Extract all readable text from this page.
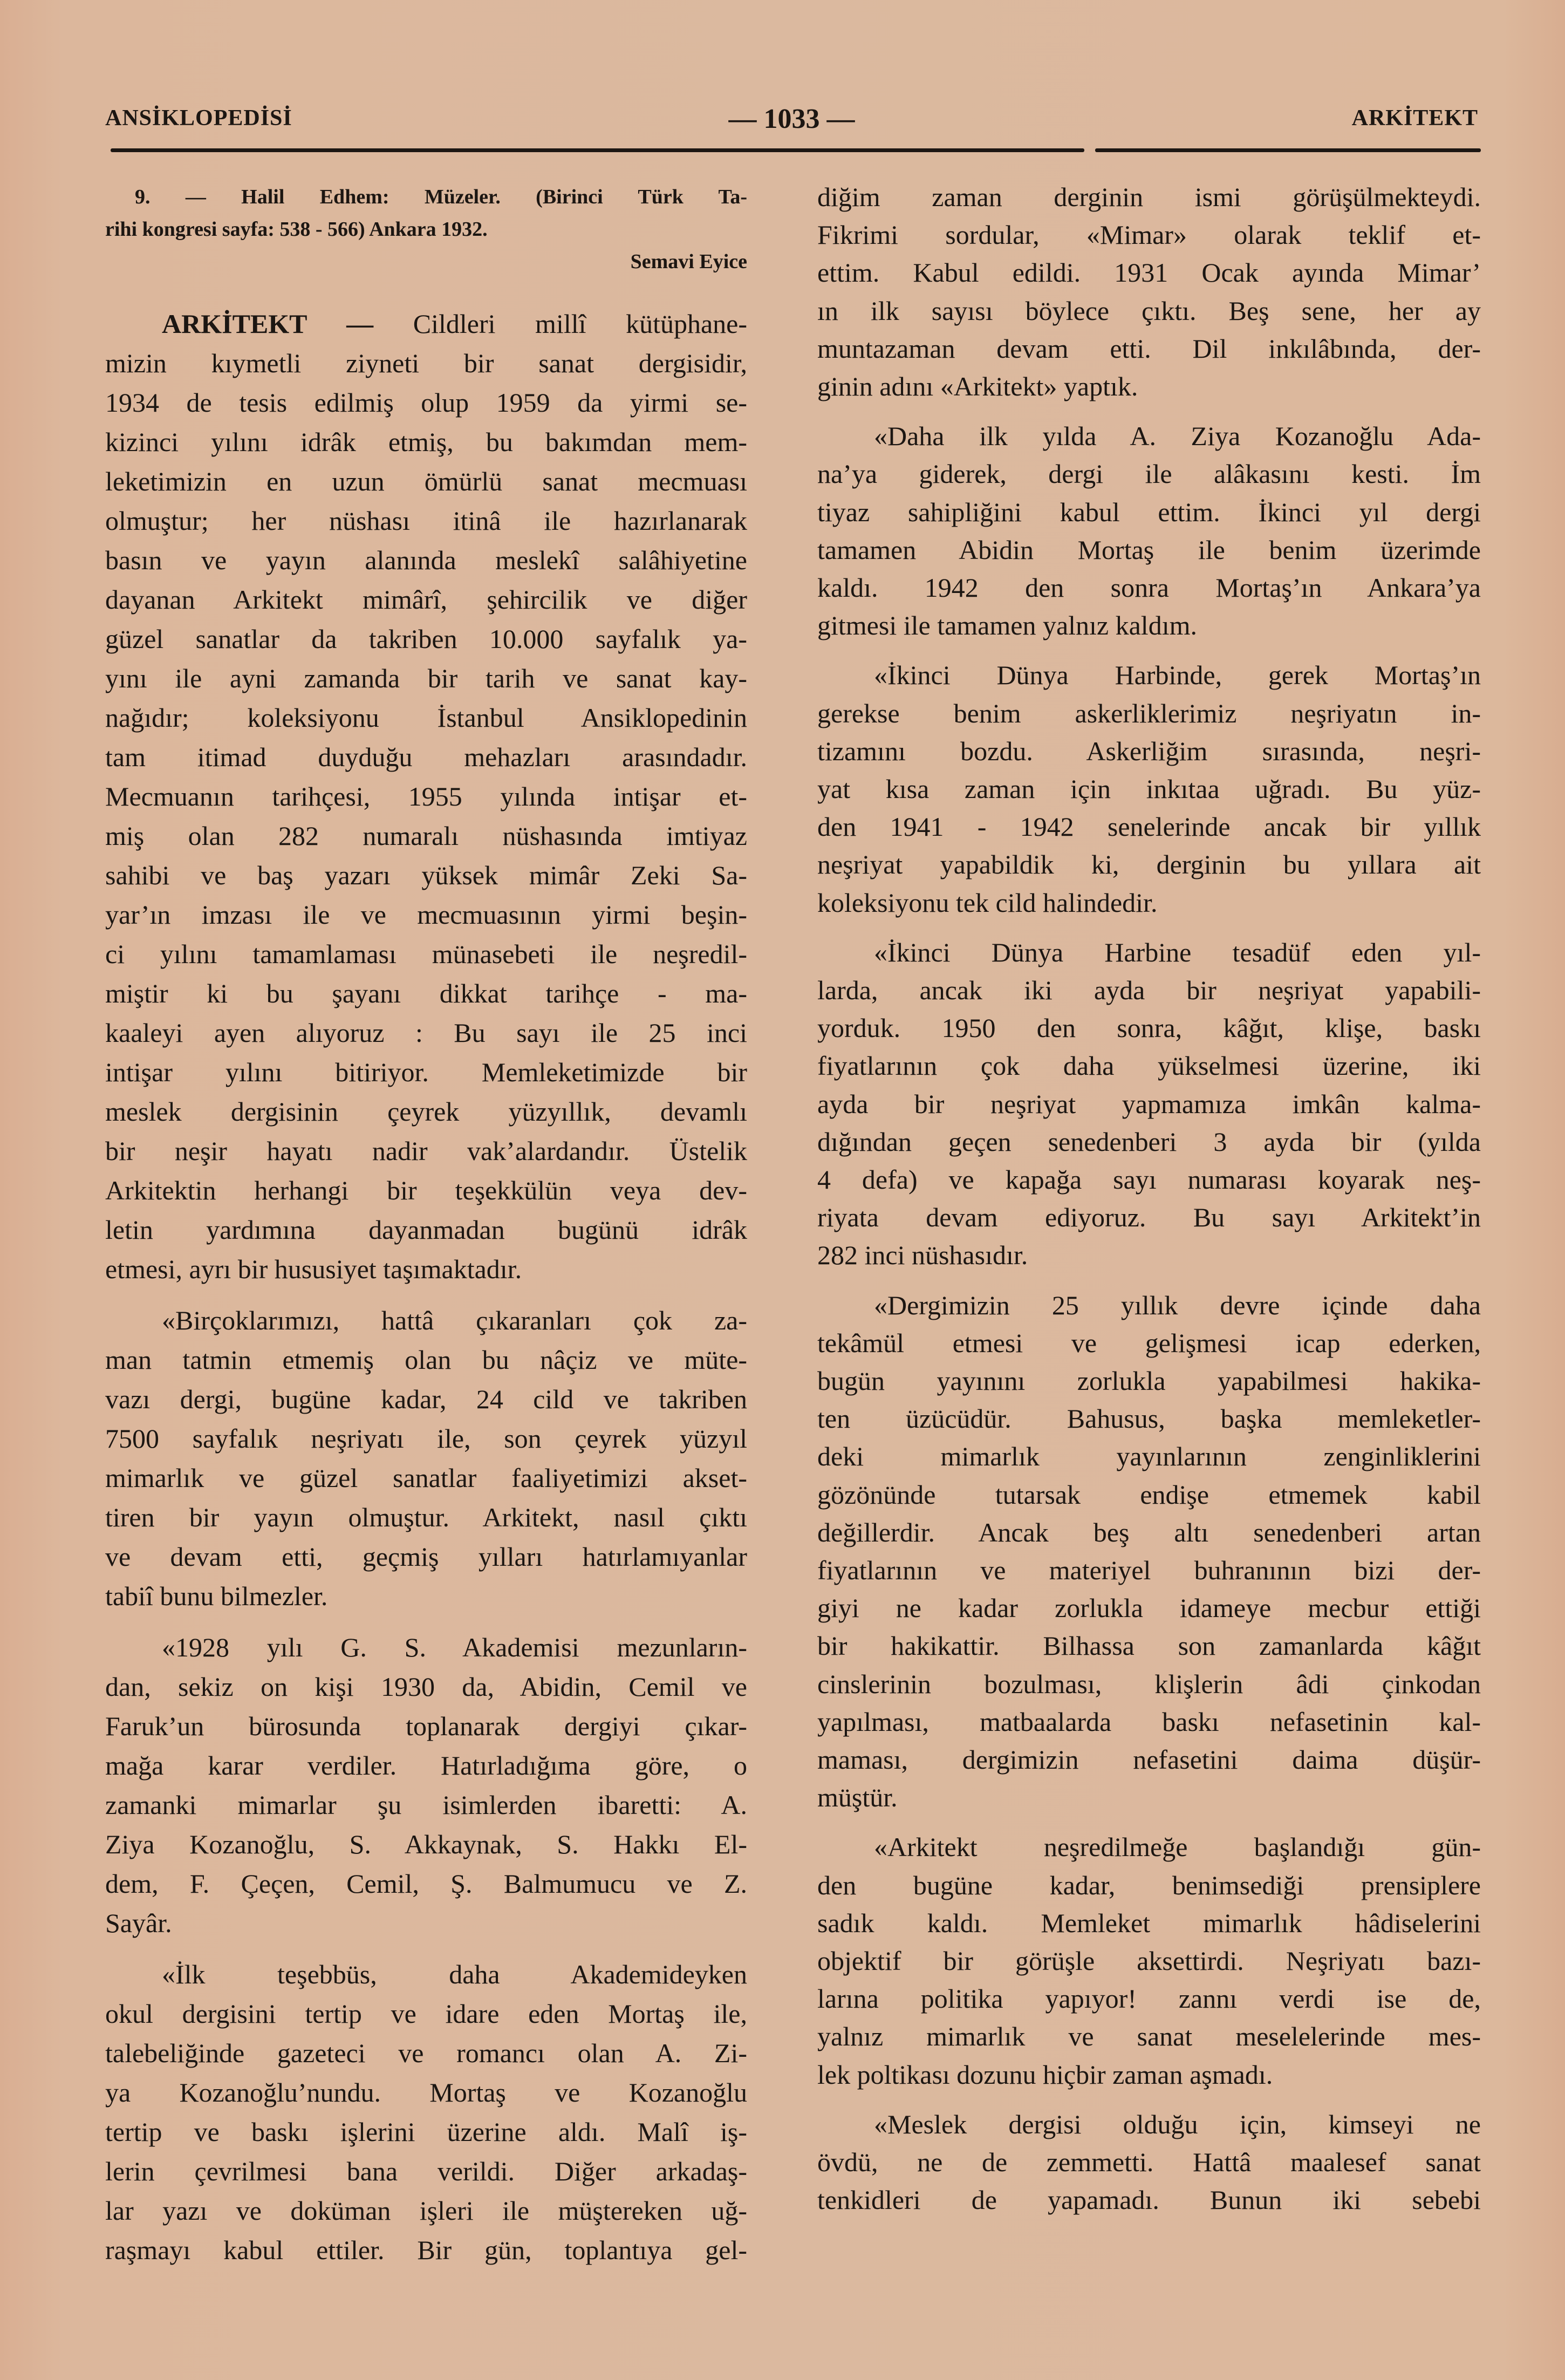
ANSİKLOPEDİSİ	— 1033 —	ARKİTEKT
9. — Halil Edhem: Müzeler. (Birinci Türk Ta-
rihi kongresi sayfa: 538 - 566) Ankara 1932.
Semavi Eyice
ARKİTEKT — Cildleri millî kütüphane-
mizin kıymetli ziyneti bir sanat dergisidir,
1934 de tesis edilmiş olup 1959 da yirmi se-
kizinci yılını idrâk etmiş, bu bakımdan mem-
leketimizin en uzun ömürlü sanat mecmuası
olmuştur; her nüshası itinâ ile hazırlanarak
basın ve yayın alanında meslekî salâhiyetine
dayanan Arkitekt mimârî, şehircilik ve diğer
güzel sanatlar da takriben 10.000 sayfalık ya-
yını ile ayni zamanda bir tarih ve sanat kay-
nağıdır; koleksiyonu İstanbul Ansiklopedinin
tam itimad duyduğu mehazları arasındadır.
Mecmuanın tarihçesi, 1955 yılında intişar et-
miş olan 282 numaralı nüshasında imtiyaz
sahibi ve baş yazarı yüksek mimâr Zeki Sa-
yar’ın imzası ile ve mecmuasının yirmi beşin-
ci yılını tamamlaması münasebeti ile neşredil-
miştir ki bu şayanı dikkat tarihçe - ma-
kaaleyi ayen alıyoruz : Bu sayı ile 25 inci
intişar yılını bitiriyor. Memleketimizde bir
meslek dergisinin çeyrek yüzyıllık, devamlı
bir neşir hayatı nadir vak’alardandır. Üstelik
Arkitektin herhangi bir teşekkülün veya dev-
letin yardımına dayanmadan bugünü idrâk
etmesi, ayrı bir hususiyet taşımaktadır.
«Birçoklarımızı, hattâ çıkaranları çok za-
man tatmin etmemiş olan bu nâçiz ve müte-
vazı dergi, bugüne kadar, 24 cild ve takriben
7500 sayfalık neşriyatı ile, son çeyrek yüzyıl
mimarlık ve güzel sanatlar faaliyetimizi akset-
tiren bir yayın olmuştur. Arkitekt, nasıl çıktı
ve devam etti, geçmiş yılları hatırlamıyanlar
tabiî bunu bilmezler.
«1928 yılı G. S. Akademisi mezunların-
dan, sekiz on kişi 1930 da, Abidin, Cemil ve
Faruk’un bürosunda toplanarak dergiyi çıkar-
mağa karar verdiler. Hatırladığıma göre, o
zamanki mimarlar şu isimlerden ibaretti: A.
Ziya Kozanoğlu, S. Akkaynak, S. Hakkı El-
dem, F. Çeçen, Cemil, Ş. Balmumucu ve Z.
Sayâr.
«İlk teşebbüs, daha Akademideyken
okul dergisini tertip ve idare eden Mortaş ile,
talebeliğinde gazeteci ve romancı olan A. Zi-
ya Kozanoğlu’nundu. Mortaş ve Kozanoğlu
tertip ve baskı işlerini üzerine aldı. Malî iş-
lerin çevrilmesi bana verildi. Diğer arkadaş-
lar yazı ve doküman işleri ile müştereken uğ-
raşmayı kabul ettiler. Bir gün, toplantıya gel-
diğim zaman derginin ismi görüşülmekteydi.
Fikrimi sordular, «Mimar» olarak teklif et-
ettim. Kabul edildi. 1931 Ocak ayında Mimar’
ın ilk sayısı böylece çıktı. Beş sene, her ay
muntazaman devam etti. Dil inkılâbında, der-
ginin adını «Arkitekt» yaptık.
«Daha ilk yılda A. Ziya Kozanoğlu Ada-
na’ya giderek, dergi ile alâkasını kesti. İm
tiyaz sahipliğini kabul ettim. İkinci yıl dergi
tamamen Abidin Mortaş ile benim üzerimde
kaldı. 1942 den sonra Mortaş’ın Ankara’ya
gitmesi ile tamamen yalnız kaldım.
«İkinci Dünya Harbinde, gerek Mortaş’ın
gerekse benim askerliklerimiz neşriyatın in-
tizamını bozdu. Askerliğim sırasında, neşri-
yat kısa zaman için inkıtaa uğradı. Bu yüz-
den 1941 - 1942 senelerinde ancak bir yıllık
neşriyat yapabildik ki, derginin bu yıllara ait
koleksiyonu tek cild halindedir.
«İkinci Dünya Harbine tesadüf eden yıl-
larda, ancak iki ayda bir neşriyat yapabili-
yorduk. 1950 den sonra, kâğıt, klişe, baskı
fiyatlarının çok daha yükselmesi üzerine, iki
ayda bir neşriyat yapmamıza imkân kalma-
dığından geçen senedenberi 3 ayda bir (yılda
4 defa) ve kapağa sayı numarası koyarak neş-
riyata devam ediyoruz. Bu sayı Arkitekt’in
282 inci nüshasıdır.
«Dergimizin 25 yıllık devre içinde daha
tekâmül etmesi ve gelişmesi icap ederken,
bugün yayınını zorlukla yapabilmesi hakika-
ten üzücüdür. Bahusus, başka memleketler-
deki mimarlık yayınlarının zenginliklerini
gözönünde tutarsak endişe etmemek kabil
değillerdir. Ancak beş altı senedenberi artan
fiyatlarının ve materiyel buhranının bizi der-
giyi ne kadar zorlukla idameye mecbur ettiği
bir hakikattir. Bilhassa son zamanlarda kâğıt
cinslerinin bozulması, klişlerin âdi çinkodan
yapılması, matbaalarda baskı nefasetinin kal-
maması, dergimizin nefasetini daima düşür-
müştür.
«Arkitekt neşredilmeğe başlandığı gün-
den bugüne kadar, benimsediği prensiplere
sadık kaldı. Memleket mimarlık hâdiselerini
objektif bir görüşle aksettirdi. Neşriyatı bazı-
larına politika yapıyor! zannı verdi ise de,
yalnız mimarlık ve sanat meselelerinde mes-
lek poltikası dozunu hiçbir zaman aşmadı.
«Meslek dergisi olduğu için, kimseyi ne
övdü, ne de zemmetti. Hattâ maalesef sanat
tenkidleri de yapamadı. Bunun iki sebebi
